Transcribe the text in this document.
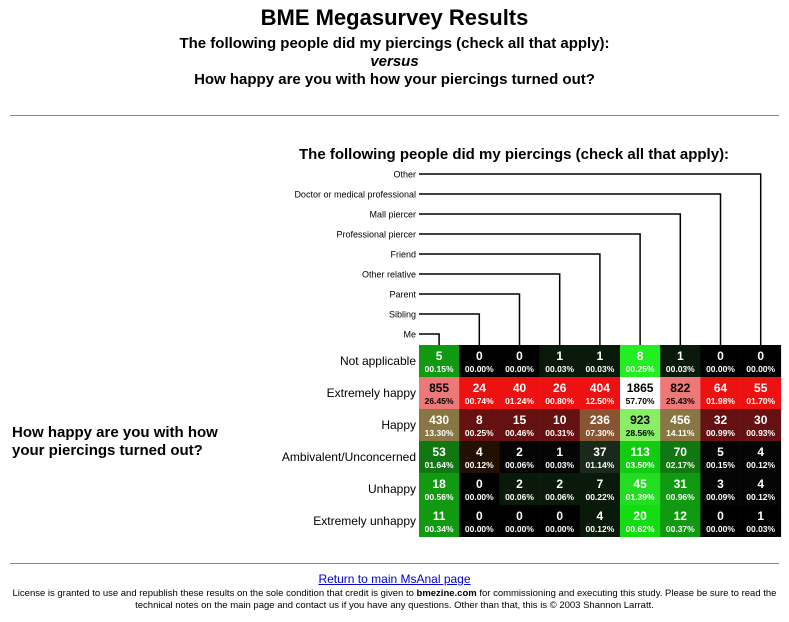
BME Megasurvey Results
The following people did my piercings (check all that apply):
versus
How happy are you with how your piercings turned out?
The following people did my piercings (check all that apply):
How happy are you with how your piercings turned out?
Me
Sibling
Parent
Other relative
Friend
Professional piercer
Mall piercer
Doctor or medical professional
Other
Not applicable
Extremely happy
Happy
Ambivalent/Unconcerned
Unhappy
Extremely unhappy
5
00.15%
0
00.00%
0
00.00%
1
00.03%
1
00.03%
8
00.25%
1
00.03%
0
00.00%
0
00.00%
855
26.45%
24
00.74%
40
01.24%
26
00.80%
404
12.50%
1865
57.70%
822
25.43%
64
01.98%
55
01.70%
430
13.30%
8
00.25%
15
00.46%
10
00.31%
236
07.30%
923
28.56%
456
14.11%
32
00.99%
30
00.93%
53
01.64%
4
00.12%
2
00.06%
1
00.03%
37
01.14%
113
03.50%
70
02.17%
5
00.15%
4
00.12%
18
00.56%
0
00.00%
2
00.06%
2
00.06%
7
00.22%
45
01.39%
31
00.96%
3
00.09%
4
00.12%
11
00.34%
0
00.00%
0
00.00%
0
00.00%
4
00.12%
20
00.62%
12
00.37%
0
00.00%
1
00.03%
Return to main MsAnal page
License is granted to use and republish these results on the sole condition that credit is given to bmezine.com for commissioning and executing this study. Please be sure to read the technical notes on the main page and contact us if you have any questions. Other than that, this is © 2003 Shannon Larratt.
